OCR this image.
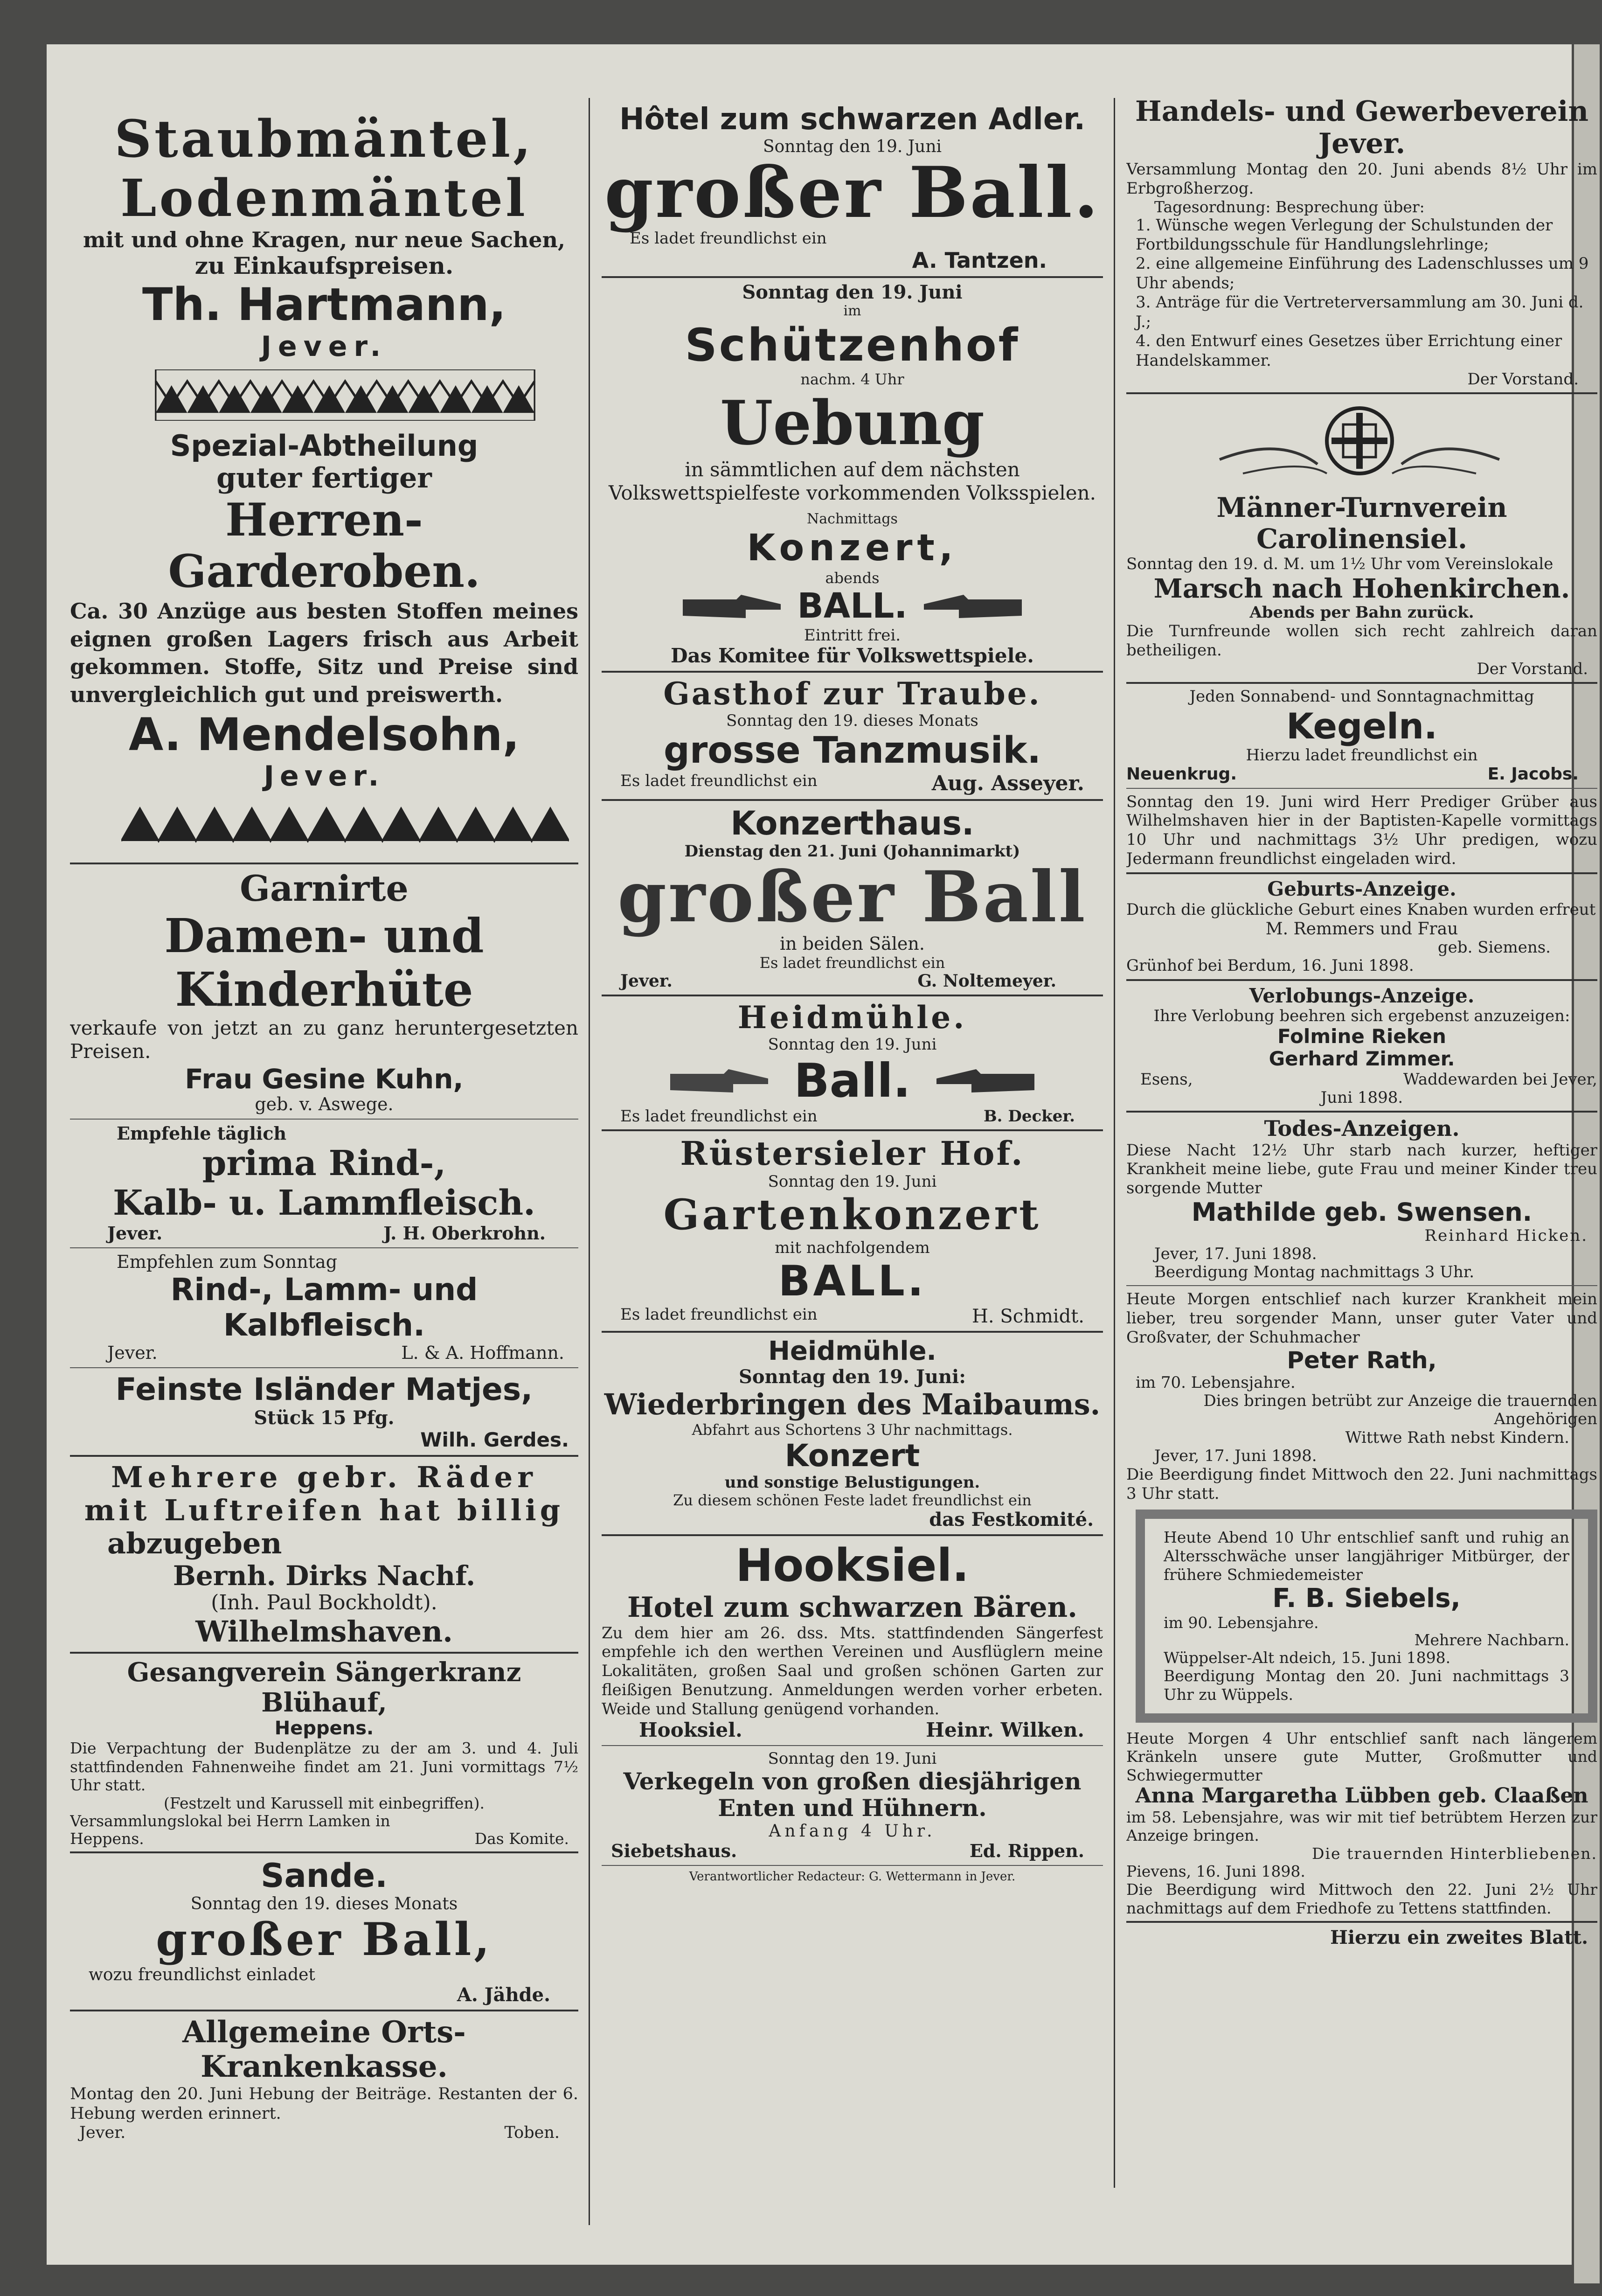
Staubmäntel,
Lodenmäntel
mit und ohne Kragen, nur neue Sachen,
zu Einkaufspreisen.
Th. Hartmann,
Jever.
Spezial-Abtheilung
guter fertiger
Herren-Garderoben.

Ca. 30 Anzüge aus besten Stoffen meines eignen großen Lagers frisch aus Arbeit gekommen. Stoffe, Sitz und Preise sind unvergleichlich gut und preiswerth.

A. Mendelsohn,
Jever.
Garnirte
Damen- und Kinderhüte

verkaufe von jetzt an zu ganz heruntergesetzten Preisen.

Frau Gesine Kuhn,
geb. v. Aswege.
Empfehle täglich
prima Rind-,
Kalb- u. Lammfleisch.
Jever.	J. H. Oberkrohn.
Empfehlen zum Sonntag
Rind-, Lamm- und
Kalbfleisch.
Jever.	L. & A. Hoffmann.
Feinste Isländer Matjes,
Stück 15 Pfg.
Wilh. Gerdes.
Mehrere gebr. Räder
mit Luftreifen hat billig
abzugeben
Bernh. Dirks Nachf.
(Inh. Paul Bockholdt).
Wilhelmshaven.
Gesangverein Sängerkranz Blühauf,
Heppens.

Die Verpachtung der Budenplätze zu der am 3. und 4. Juli stattfindenden Fahnenweihe findet am 21. Juni vormittags 7½ Uhr statt.

(Festzelt und Karussell mit einbegriffen).
Versammlungslokal bei Herrn Lamken in
Heppens.	Das Komite.
Sande.
Sonntag den 19. dieses Monats
großer Ball,
wozu freundlichst einladet
A. Jähde.
Allgemeine Orts-Krankenkasse.

Montag den 20. Juni Hebung der Beiträge. Restanten der 6. Hebung werden erinnert.

Jever.	Toben.
Hôtel zum schwarzen Adler.
Sonntag den 19. Juni
großer Ball.
Es ladet freundlichst ein
A. Tantzen.
Sonntag den 19. Juni
im
Schützenhof
nachm. 4 Uhr
Uebung

in sämmtlichen auf dem nächsten Volkswettspielfeste vorkommenden Volksspielen.

Nachmittags
Konzert,
abends
BALL.
Eintritt frei.
Das Komitee für Volkswettspiele.
Gasthof zur Traube.
Sonntag den 19. dieses Monats
grosse Tanzmusik.
Es ladet freundlichst ein	Aug. Asseyer.
Konzerthaus.
Dienstag den 21. Juni (Johannimarkt)
großer Ball
in beiden Sälen.
Es ladet freundlichst ein
Jever.	G. Noltemeyer.
Heidmühle.
Sonntag den 19. Juni
Ball.
Es ladet freundlichst ein	B. Decker.
Rüstersieler Hof.
Sonntag den 19. Juni
Gartenkonzert
mit nachfolgendem
BALL.
Es ladet freundlichst ein	H. Schmidt.
Heidmühle.
Sonntag den 19. Juni:
Wiederbringen des Maibaums.
Abfahrt aus Schortens 3 Uhr nachmittags.
Konzert
und sonstige Belustigungen.
Zu diesem schönen Feste ladet freundlichst ein
das Festkomité.
Hooksiel.
Hotel zum schwarzen Bären.

Zu dem hier am 26. dss. Mts. stattfindenden Sängerfest empfehle ich den werthen Vereinen und Ausflüglern meine Lokalitäten, großen Saal und großen schönen Garten zur fleißigen Benutzung. Anmeldungen werden vorher erbeten. Weide und Stallung genügend vorhanden.

Hooksiel.	Heinr. Wilken.
Sonntag den 19. Juni
Verkegeln von großen diesjährigen Enten und Hühnern.
Anfang 4 Uhr.
Siebetshaus.	Ed. Rippen.
Verantwortlicher Redacteur: G. Wettermann in Jever.
Handels- und Gewerbeverein
Jever.

Versammlung Montag den 20. Juni abends 8½ Uhr im Erbgroßherzog.

Tagesordnung: Besprechung über:
1. Wünsche wegen Verlegung der Schulstunden der Fortbildungsschule für Handlungslehrlinge;
2. eine allgemeine Einführung des Ladenschlusses um 9 Uhr abends;
3. Anträge für die Vertreterversammlung am 30. Juni d. J.;
4. den Entwurf eines Gesetzes über Errichtung einer Handelskammer.
Der Vorstand.
Männer-Turnverein Carolinensiel.

Sonntag den 19. d. M. um 1½ Uhr vom Vereinslokale

Marsch nach Hohenkirchen.
Abends per Bahn zurück.

Die Turnfreunde wollen sich recht zahlreich daran betheiligen.

Der Vorstand.
Jeden Sonnabend- und Sonntagnachmittag
Kegeln.
Hierzu ladet freundlichst ein
Neuenkrug.	E. Jacobs.

Sonntag den 19. Juni wird Herr Prediger Grüber aus Wilhelmshaven hier in der Baptisten-Kapelle vormittags 10 Uhr und nachmittags 3½ Uhr predigen, wozu Jedermann freundlichst eingeladen wird.

Geburts-Anzeige.

Durch die glückliche Geburt eines Knaben wurden erfreut

M. Remmers und Frau
geb. Siemens.
Grünhof bei Berdum, 16. Juni 1898.
Verlobungs-Anzeige.
Ihre Verlobung beehren sich ergebenst anzuzeigen:
Folmine Rieken
Gerhard Zimmer.
Esens,	Waddewarden bei Jever,
Juni 1898.
Todes-Anzeigen.

Diese Nacht 12½ Uhr starb nach kurzer, heftiger Krankheit meine liebe, gute Frau und meiner Kinder treu sorgende Mutter

Mathilde geb. Swensen.
Reinhard Hicken.
Jever, 17. Juni 1898.
Beerdigung Montag nachmittags 3 Uhr.

Heute Morgen entschlief nach kurzer Krankheit mein lieber, treu sorgender Mann, unser guter Vater und Großvater, der Schuhmacher

Peter Rath,
im 70. Lebensjahre.
Dies bringen betrübt zur Anzeige die trauernden Angehörigen
Wittwe Rath nebst Kindern.
Jever, 17. Juni 1898.

Die Beerdigung findet Mittwoch den 22. Juni nachmittags 3 Uhr statt.

Heute Abend 10 Uhr entschlief sanft und ruhig an Altersschwäche unser langjähriger Mitbürger, der frühere Schmiedemeister

F. B. Siebels,
im 90. Lebensjahre.
Mehrere Nachbarn.
Wüppelser-Alt ndeich, 15. Juni 1898.

Beerdigung Montag den 20. Juni nachmittags 3 Uhr zu Wüppels.

Heute Morgen 4 Uhr entschlief sanft nach längerem Kränkeln unsere gute Mutter, Großmutter und Schwiegermutter

Anna Margaretha Lübben geb. Claaßen

im 58. Lebensjahre, was wir mit tief betrübtem Herzen zur Anzeige bringen.

Die trauernden Hinterbliebenen.
Pievens, 16. Juni 1898.

Die Beerdigung wird Mittwoch den 22. Juni 2½ Uhr nachmittags auf dem Friedhofe zu Tettens stattfinden.

Hierzu ein zweites Blatt.
